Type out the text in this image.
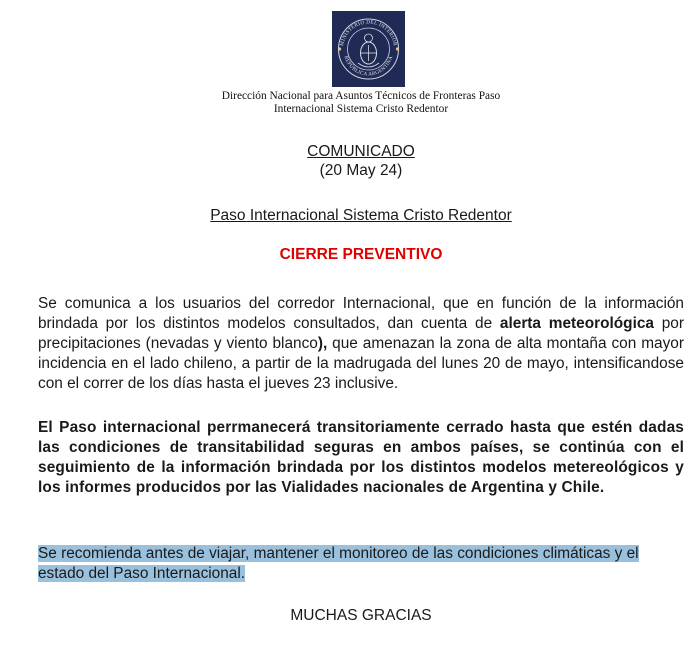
MINISTERIO DEL INTERIOR
REPÚBLICA ARGENTINA
Dirección Nacional para Asuntos Técnicos de Fronteras Paso
Internacional Sistema Cristo Redentor
COMUNICADO
(20 May 24)
Paso Internacional Sistema Cristo Redentor
CIERRE PREVENTIVO
Se comunica a los usuarios del corredor Internacional, que en función de la información brindada por los distintos modelos consultados, dan cuenta de alerta meteorológica por precipitaciones (nevadas y viento blanco), que amenazan la zona de alta montaña con mayor incidencia en el lado chileno, a partir de la madrugada del lunes 20 de mayo, intensificandose con el correr de los días hasta el jueves 23 inclusive.
El Paso internacional perrmanecerá transitoriamente cerrado hasta que estén dadas las condiciones de transitabilidad seguras en ambos países, se continúa con el seguimiento de la información brindada por los distintos modelos metereológicos y los informes producidos por las Vialidades nacionales de Argentina y Chile.
Se recomienda antes de viajar, mantener el monitoreo de las condiciones climáticas y el estado del Paso Internacional.
MUCHAS GRACIAS
